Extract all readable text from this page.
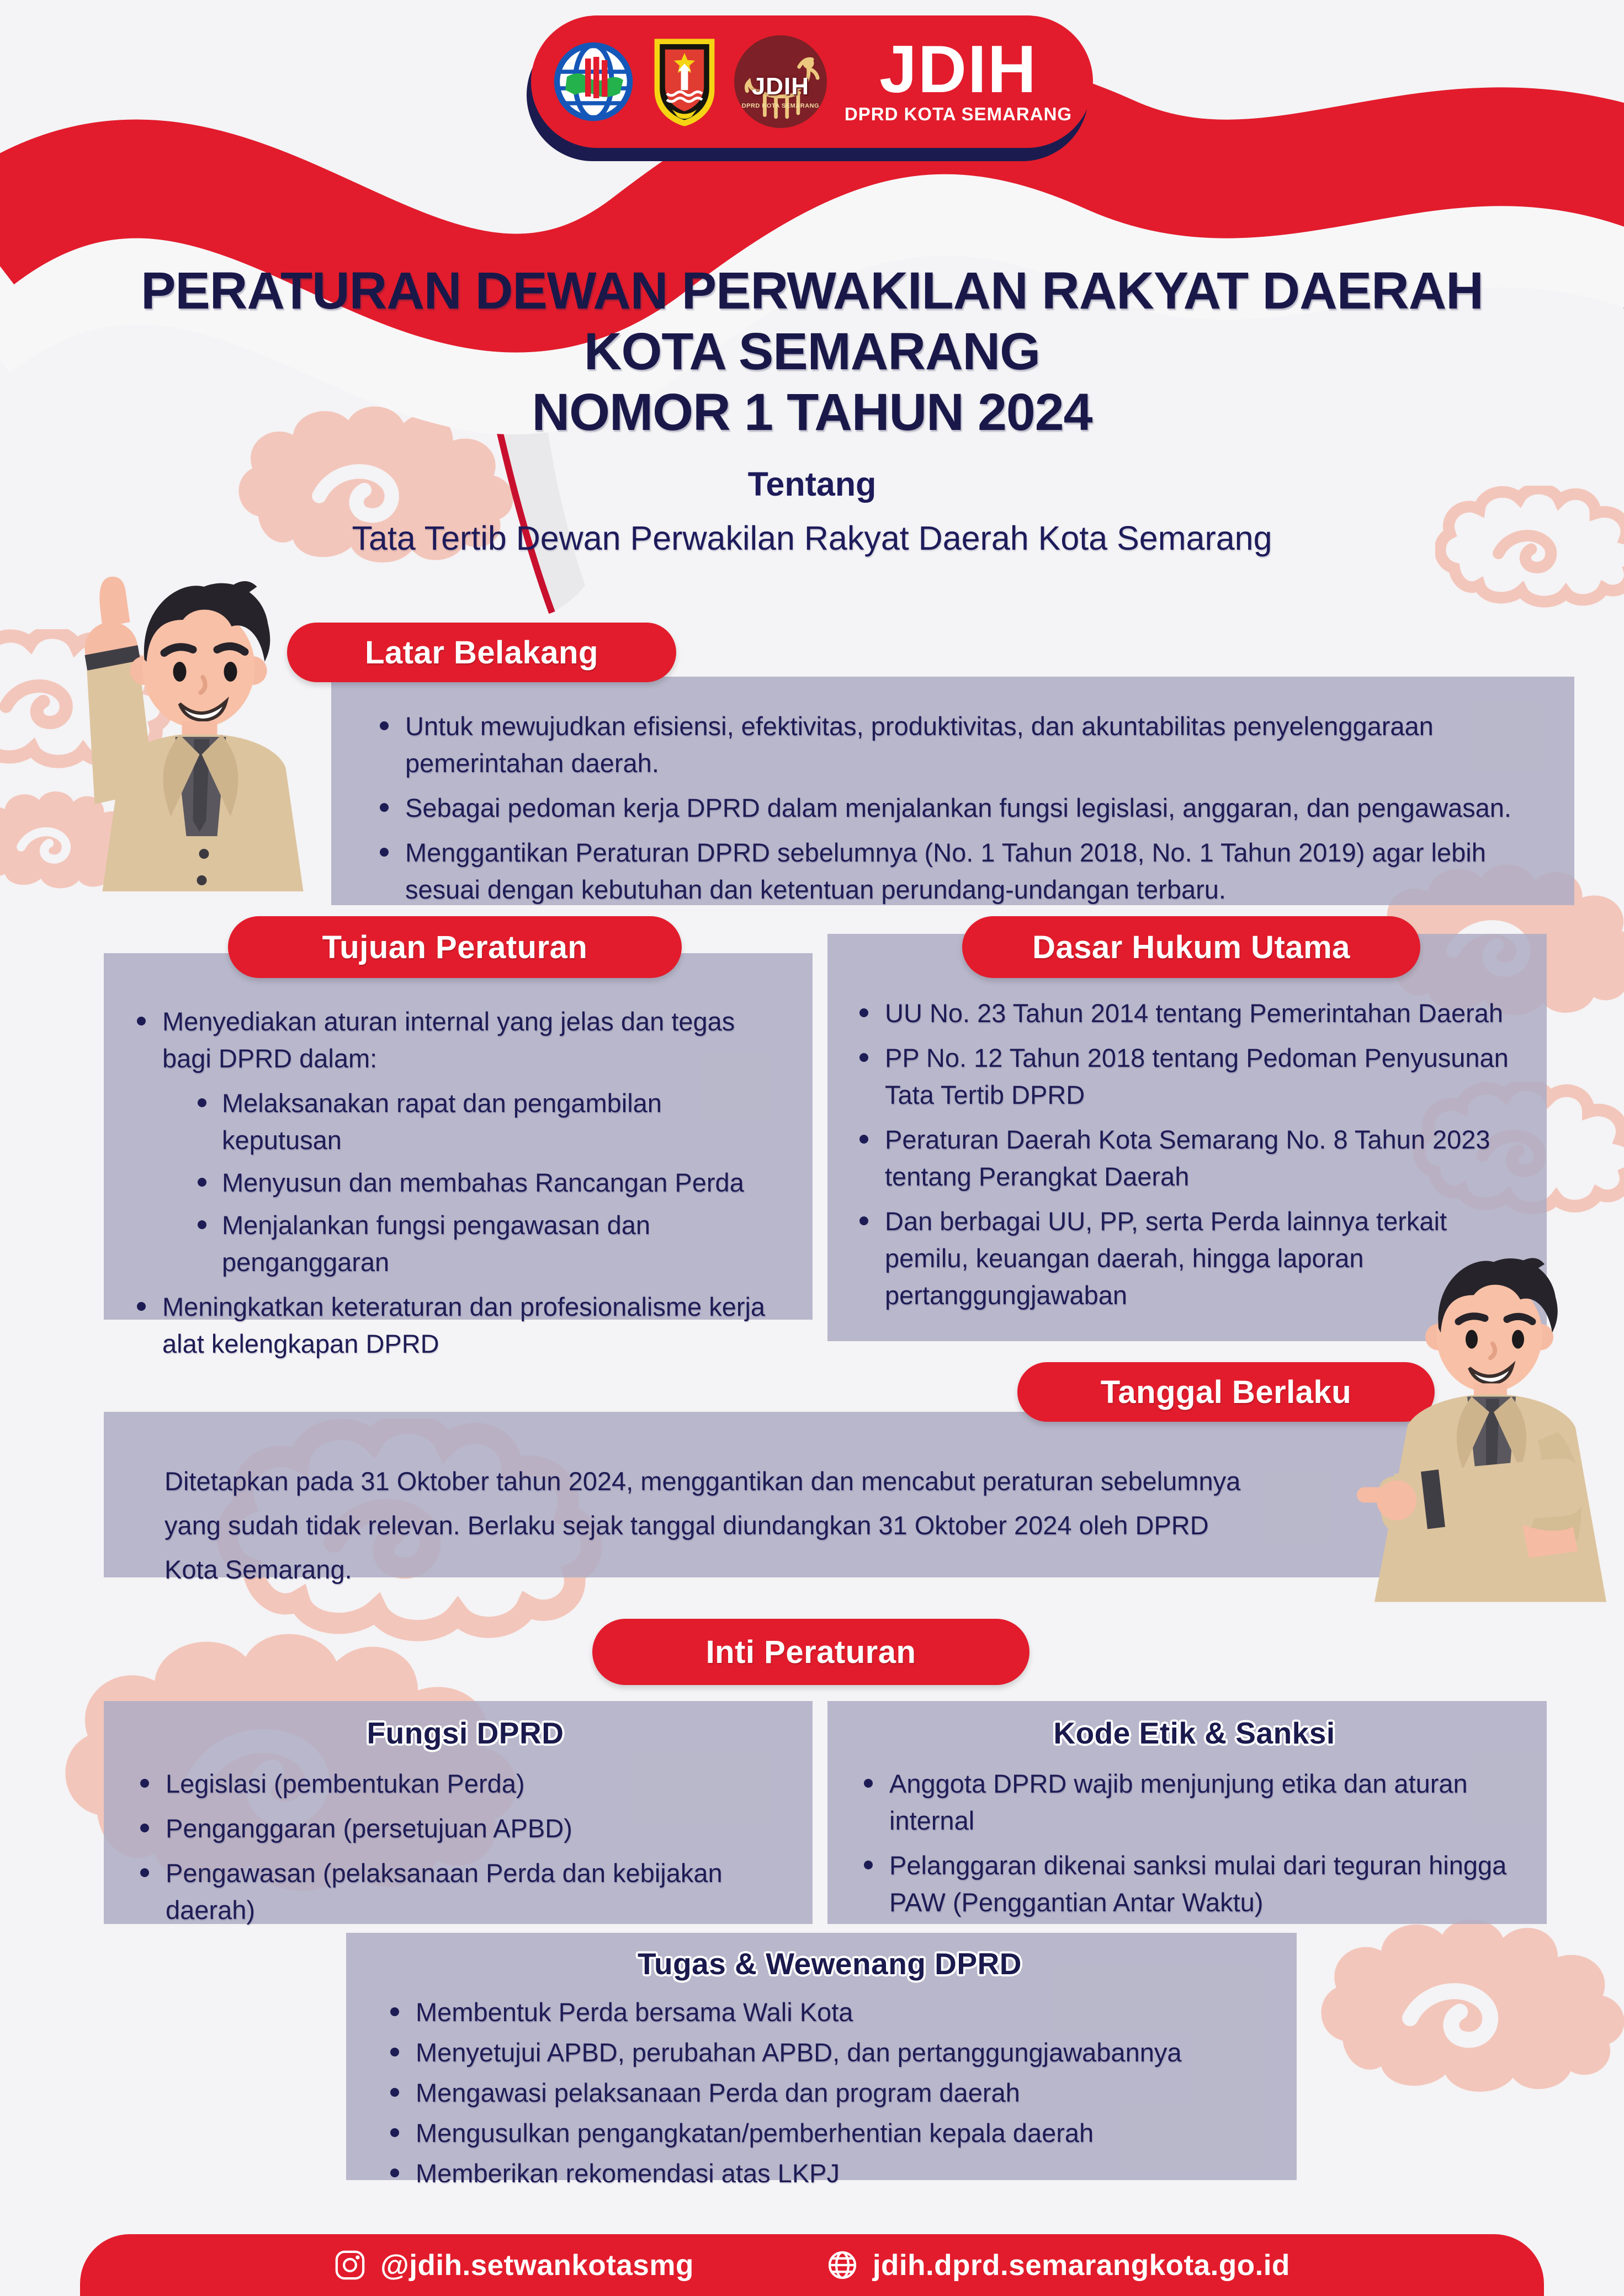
JDIH
DPRD KOTA SEMARANG JDIH
DPRD KOTA SEMARANG
PERATURAN DEWAN PERWAKILAN RAKYAT DAERAH
KOTA SEMARANG
NOMOR 1 TAHUN 2024
Tentang
Tata Tertib Dewan Perwakilan Rakyat Daerah Kota Semarang
Latar Belakang
Untuk mewujudkan efisiensi, efektivitas, produktivitas, dan akuntabilitas penyelenggaraan pemerintahan daerah.
Sebagai pedoman kerja DPRD dalam menjalankan fungsi legislasi, anggaran, dan pengawasan.
Menggantikan Peraturan DPRD sebelumnya (No. 1 Tahun 2018, No. 1 Tahun 2019) agar lebih sesuai dengan kebutuhan dan ketentuan perundang-undangan terbaru.
Tujuan Peraturan
Menyediakan aturan internal yang jelas dan tegas bagi DPRD dalam:
Melaksanakan rapat dan pengambilan keputusan
Menyusun dan membahas Rancangan Perda
Menjalankan fungsi pengawasan dan penganggaran
Meningkatkan keteraturan dan profesionalisme kerja alat kelengkapan DPRD
Dasar Hukum Utama
UU No. 23 Tahun 2014 tentang Pemerintahan Daerah
PP No. 12 Tahun 2018 tentang Pedoman Penyusunan Tata Tertib DPRD
Peraturan Daerah Kota Semarang No. 8 Tahun 2023 tentang Perangkat Daerah
Dan berbagai UU, PP, serta Perda lainnya terkait pemilu, keuangan daerah, hingga laporan pertanggungjawaban
Tanggal Berlaku
Ditetapkan pada 31 Oktober tahun 2024, menggantikan dan mencabut peraturan sebelumnya yang sudah tidak relevan. Berlaku sejak tanggal diundangkan 31 Oktober 2024 oleh DPRD Kota Semarang.
Inti Peraturan
Fungsi DPRD
Legislasi (pembentukan Perda)
Penganggaran (persetujuan APBD)
Pengawasan (pelaksanaan Perda dan kebijakan daerah)
Kode Etik & Sanksi
Anggota DPRD wajib menjunjung etika dan aturan internal
Pelanggaran dikenai sanksi mulai dari teguran hingga PAW (Penggantian Antar Waktu)
Tugas & Wewenang DPRD
Membentuk Perda bersama Wali Kota
Menyetujui APBD, perubahan APBD, dan pertanggungjawabannya
Mengawasi pelaksanaan Perda dan program daerah
Mengusulkan pengangkatan/pemberhentian kepala daerah
Memberikan rekomendasi atas LKPJ
@jdih.setwankotasmg	jdih.dprd.semarangkota.go.id
